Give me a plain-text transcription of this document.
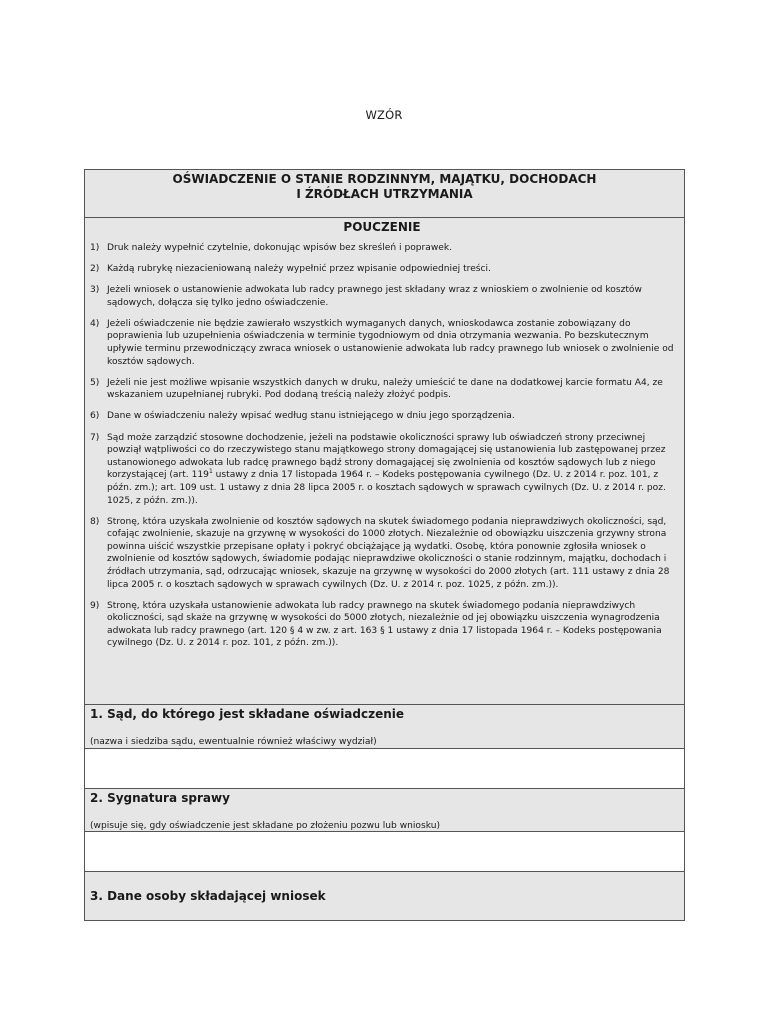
WZÓR
OŚWIADCZENIE O STANIE RODZINNYM, MAJĄTKU, DOCHODACH
I ŹRÓDŁACH UTRZYMANIA
POUCZENIE
1) Druk należy wypełnić czytelnie, dokonując wpisów bez skreśleń i poprawek.
2) Każdą rubrykę niezacieniowaną należy wypełnić przez wpisanie odpowiedniej treści.
3) Jeżeli wniosek o ustanowienie adwokata lub radcy prawnego jest składany wraz z wnioskiem o zwolnienie od kosztów sądowych, dołącza się tylko jedno oświadczenie.
4) Jeżeli oświadczenie nie będzie zawierało wszystkich wymaganych danych, wnioskodawca zostanie zobowiązany do poprawienia lub uzupełnienia oświadczenia w terminie tygodniowym od dnia otrzymania wezwania. Po bezskutecznym upływie terminu przewodniczący zwraca wniosek o ustanowienie adwokata lub radcy prawnego lub wniosek o zwolnienie od kosztów sądowych.
5) Jeżeli nie jest możliwe wpisanie wszystkich danych w druku, należy umieścić te dane na dodatkowej karcie formatu A4, ze wskazaniem uzupełnianej rubryki. Pod dodaną treścią należy złożyć podpis.
6) Dane w oświadczeniu należy wpisać według stanu istniejącego w dniu jego sporządzenia.
7) Sąd może zarządzić stosowne dochodzenie, jeżeli na podstawie okoliczności sprawy lub oświadczeń strony przeciwnej powziął wątpliwości co do rzeczywistego stanu majątkowego strony domagającej się ustanowienia lub zastępowanej przez ustanowionego adwokata lub radcę prawnego bądź strony domagającej się zwolnienia od kosztów sądowych lub z niego korzystającej (art. $119^1$ ustawy z dnia 17 listopada 1964 r. – Kodeks postępowania cywilnego (Dz. U. z 2014 r. poz. 101, z późn. zm.); art. 109 ust. 1 ustawy z dnia 28 lipca 2005 r. o kosztach sądowych w sprawach cywilnych (Dz. U. z 2014 r. poz. 1025, z późn. zm.)).
8) Stronę, która uzyskała zwolnienie od kosztów sądowych na skutek świadomego podania nieprawdziwych okoliczności, sąd, cofając zwolnienie, skazuje na grzywnę w wysokości do 1000 złotych. Niezależnie od obowiązku uiszczenia grzywny strona powinna uiścić wszystkie przepisane opłaty i pokryć obciążające ją wydatki. Osobę, która ponownie zgłosiła wniosek o zwolnienie od kosztów sądowych, świadomie podając nieprawdziwe okoliczności o stanie rodzinnym, majątku, dochodach i źródłach utrzymania, sąd, odrzucając wniosek, skazuje na grzywnę w wysokości do 2000 złotych (art. 111 ustawy z dnia 28 lipca 2005 r. o kosztach sądowych w sprawach cywilnych (Dz. U. z 2014 r. poz. 1025, z późn. zm.)).
9) Stronę, która uzyskała ustanowienie adwokata lub radcy prawnego na skutek świadomego podania nieprawdziwych okoliczności, sąd skaże na grzywnę w wysokości do 5000 złotych, niezależnie od jej obowiązku uiszczenia wynagrodzenia adwokata lub radcy prawnego (art. 120 § 4 w zw. z art. 163 § 1 ustawy z dnia 17 listopada 1964 r. – Kodeks postępowania cywilnego (Dz. U. z 2014 r. poz. 101, z późn. zm.)).
1. Sąd, do którego jest składane oświadczenie
(nazwa i siedziba sądu, ewentualnie również właściwy wydział)
2. Sygnatura sprawy
(wpisuje się, gdy oświadczenie jest składane po złożeniu pozwu lub wniosku)
3. Dane osoby składającej wniosek
